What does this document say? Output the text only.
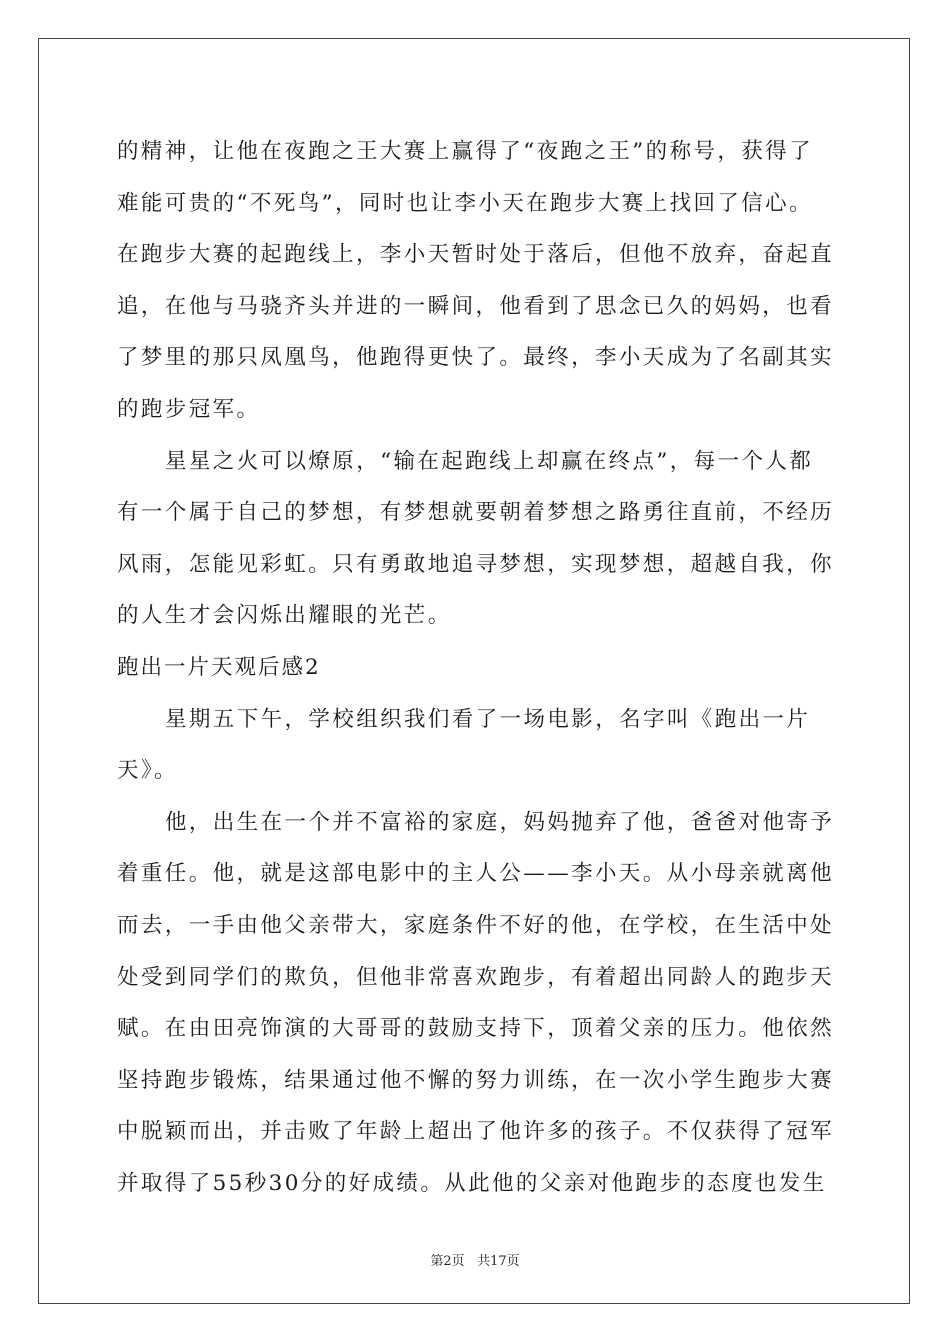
的精神，让他在夜跑之王大赛上赢得了“夜跑之王”的称号，获得了
难能可贵的“不死鸟”，同时也让李小天在跑步大赛上找回了信心。
在跑步大赛的起跑线上，李小天暂时处于落后，但他不放弃，奋起直
追，在他与马骁齐头并进的一瞬间，他看到了思念已久的妈妈，也看
了梦里的那只凤凰鸟，他跑得更快了。最终，李小天成为了名副其实
的跑步冠军。
星星之火可以燎原，“输在起跑线上却赢在终点”，每一个人都
有一个属于自己的梦想，有梦想就要朝着梦想之路勇往直前，不经历
风雨，怎能见彩虹。只有勇敢地追寻梦想，实现梦想，超越自我，你
的人生才会闪烁出耀眼的光芒。
跑出一片天观后感2
星期五下午，学校组织我们看了一场电影，名字叫《跑出一片
天》。
他，出生在一个并不富裕的家庭，妈妈抛弃了他，爸爸对他寄予
着重任。他，就是这部电影中的主人公——李小天。从小母亲就离他
而去，一手由他父亲带大，家庭条件不好的他，在学校，在生活中处
处受到同学们的欺负，但他非常喜欢跑步，有着超出同龄人的跑步天
赋。在由田亮饰演的大哥哥的鼓励支持下，顶着父亲的压力。他依然
坚持跑步锻炼，结果通过他不懈的努力训练，在一次小学生跑步大赛
中脱颖而出，并击败了年龄上超出了他许多的孩子。不仅获得了冠军
并取得了55秒30分的好成绩。从此他的父亲对他跑步的态度也发生
第2页 共17页
